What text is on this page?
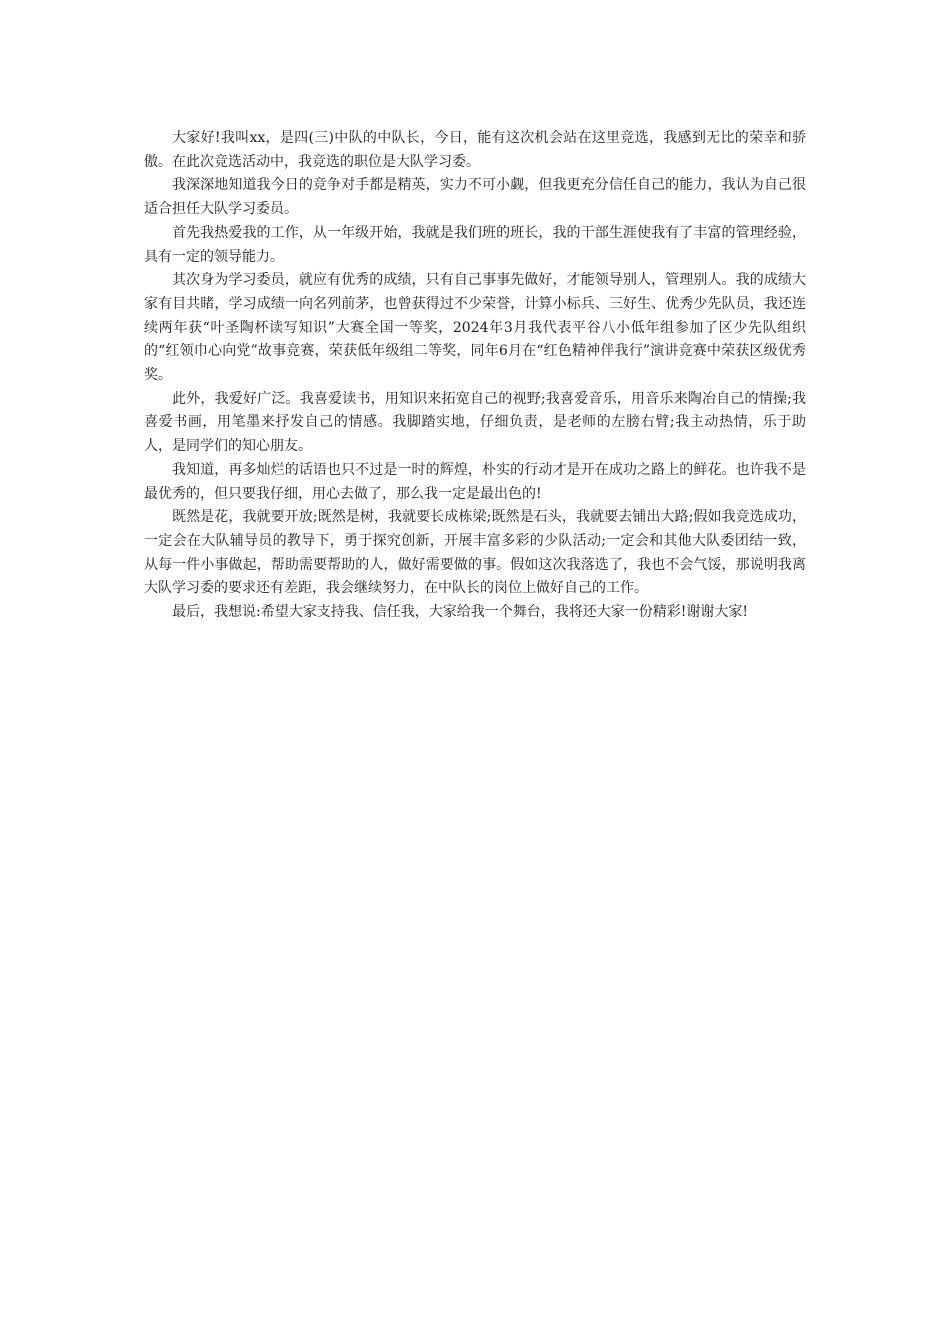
大家好!我叫xx，是四(三)中队的中队长，今日，能有这次机会站在这里竞选，我感到无比的荣幸和骄傲。在此次竞选活动中，我竞选的职位是大队学习委。

我深深地知道我今日的竞争对手都是精英，实力不可小觑，但我更充分信任自己的能力，我认为自己很适合担任大队学习委员。

首先我热爱我的工作，从一年级开始，我就是我们班的班长，我的干部生涯使我有了丰富的管理经验，具有一定的领导能力。

其次身为学习委员，就应有优秀的成绩，只有自己事事先做好，才能领导别人，管理别人。我的成绩大家有目共睹，学习成绩一向名列前茅，也曾获得过不少荣誉，计算小标兵、三好生、优秀少先队员，我还连续两年获“叶圣陶杯读写知识”大赛全国一等奖，2024年3月我代表平谷八小低年组参加了区少先队组织的“红领巾心向党”故事竞赛，荣获低年级组二等奖，同年6月在“红色精神伴我行”演讲竞赛中荣获区级优秀奖。

此外，我爱好广泛。我喜爱读书，用知识来拓宽自己的视野;我喜爱音乐，用音乐来陶冶自己的情操;我喜爱书画，用笔墨来抒发自己的情感。我脚踏实地，仔细负责，是老师的左膀右臂;我主动热情，乐于助人，是同学们的知心朋友。

我知道，再多灿烂的话语也只不过是一时的辉煌，朴实的行动才是开在成功之路上的鲜花。也许我不是最优秀的，但只要我仔细，用心去做了，那么我一定是最出色的!

既然是花，我就要开放;既然是树，我就要长成栋梁;既然是石头，我就要去铺出大路;假如我竞选成功，一定会在大队辅导员的教导下，勇于探究创新，开展丰富多彩的少队活动;一定会和其他大队委团结一致，从每一件小事做起，帮助需要帮助的人，做好需要做的事。假如这次我落选了，我也不会气馁，那说明我离大队学习委的要求还有差距，我会继续努力，在中队长的岗位上做好自己的工作。

最后，我想说:希望大家支持我、信任我，大家给我一个舞台，我将还大家一份精彩!谢谢大家!
